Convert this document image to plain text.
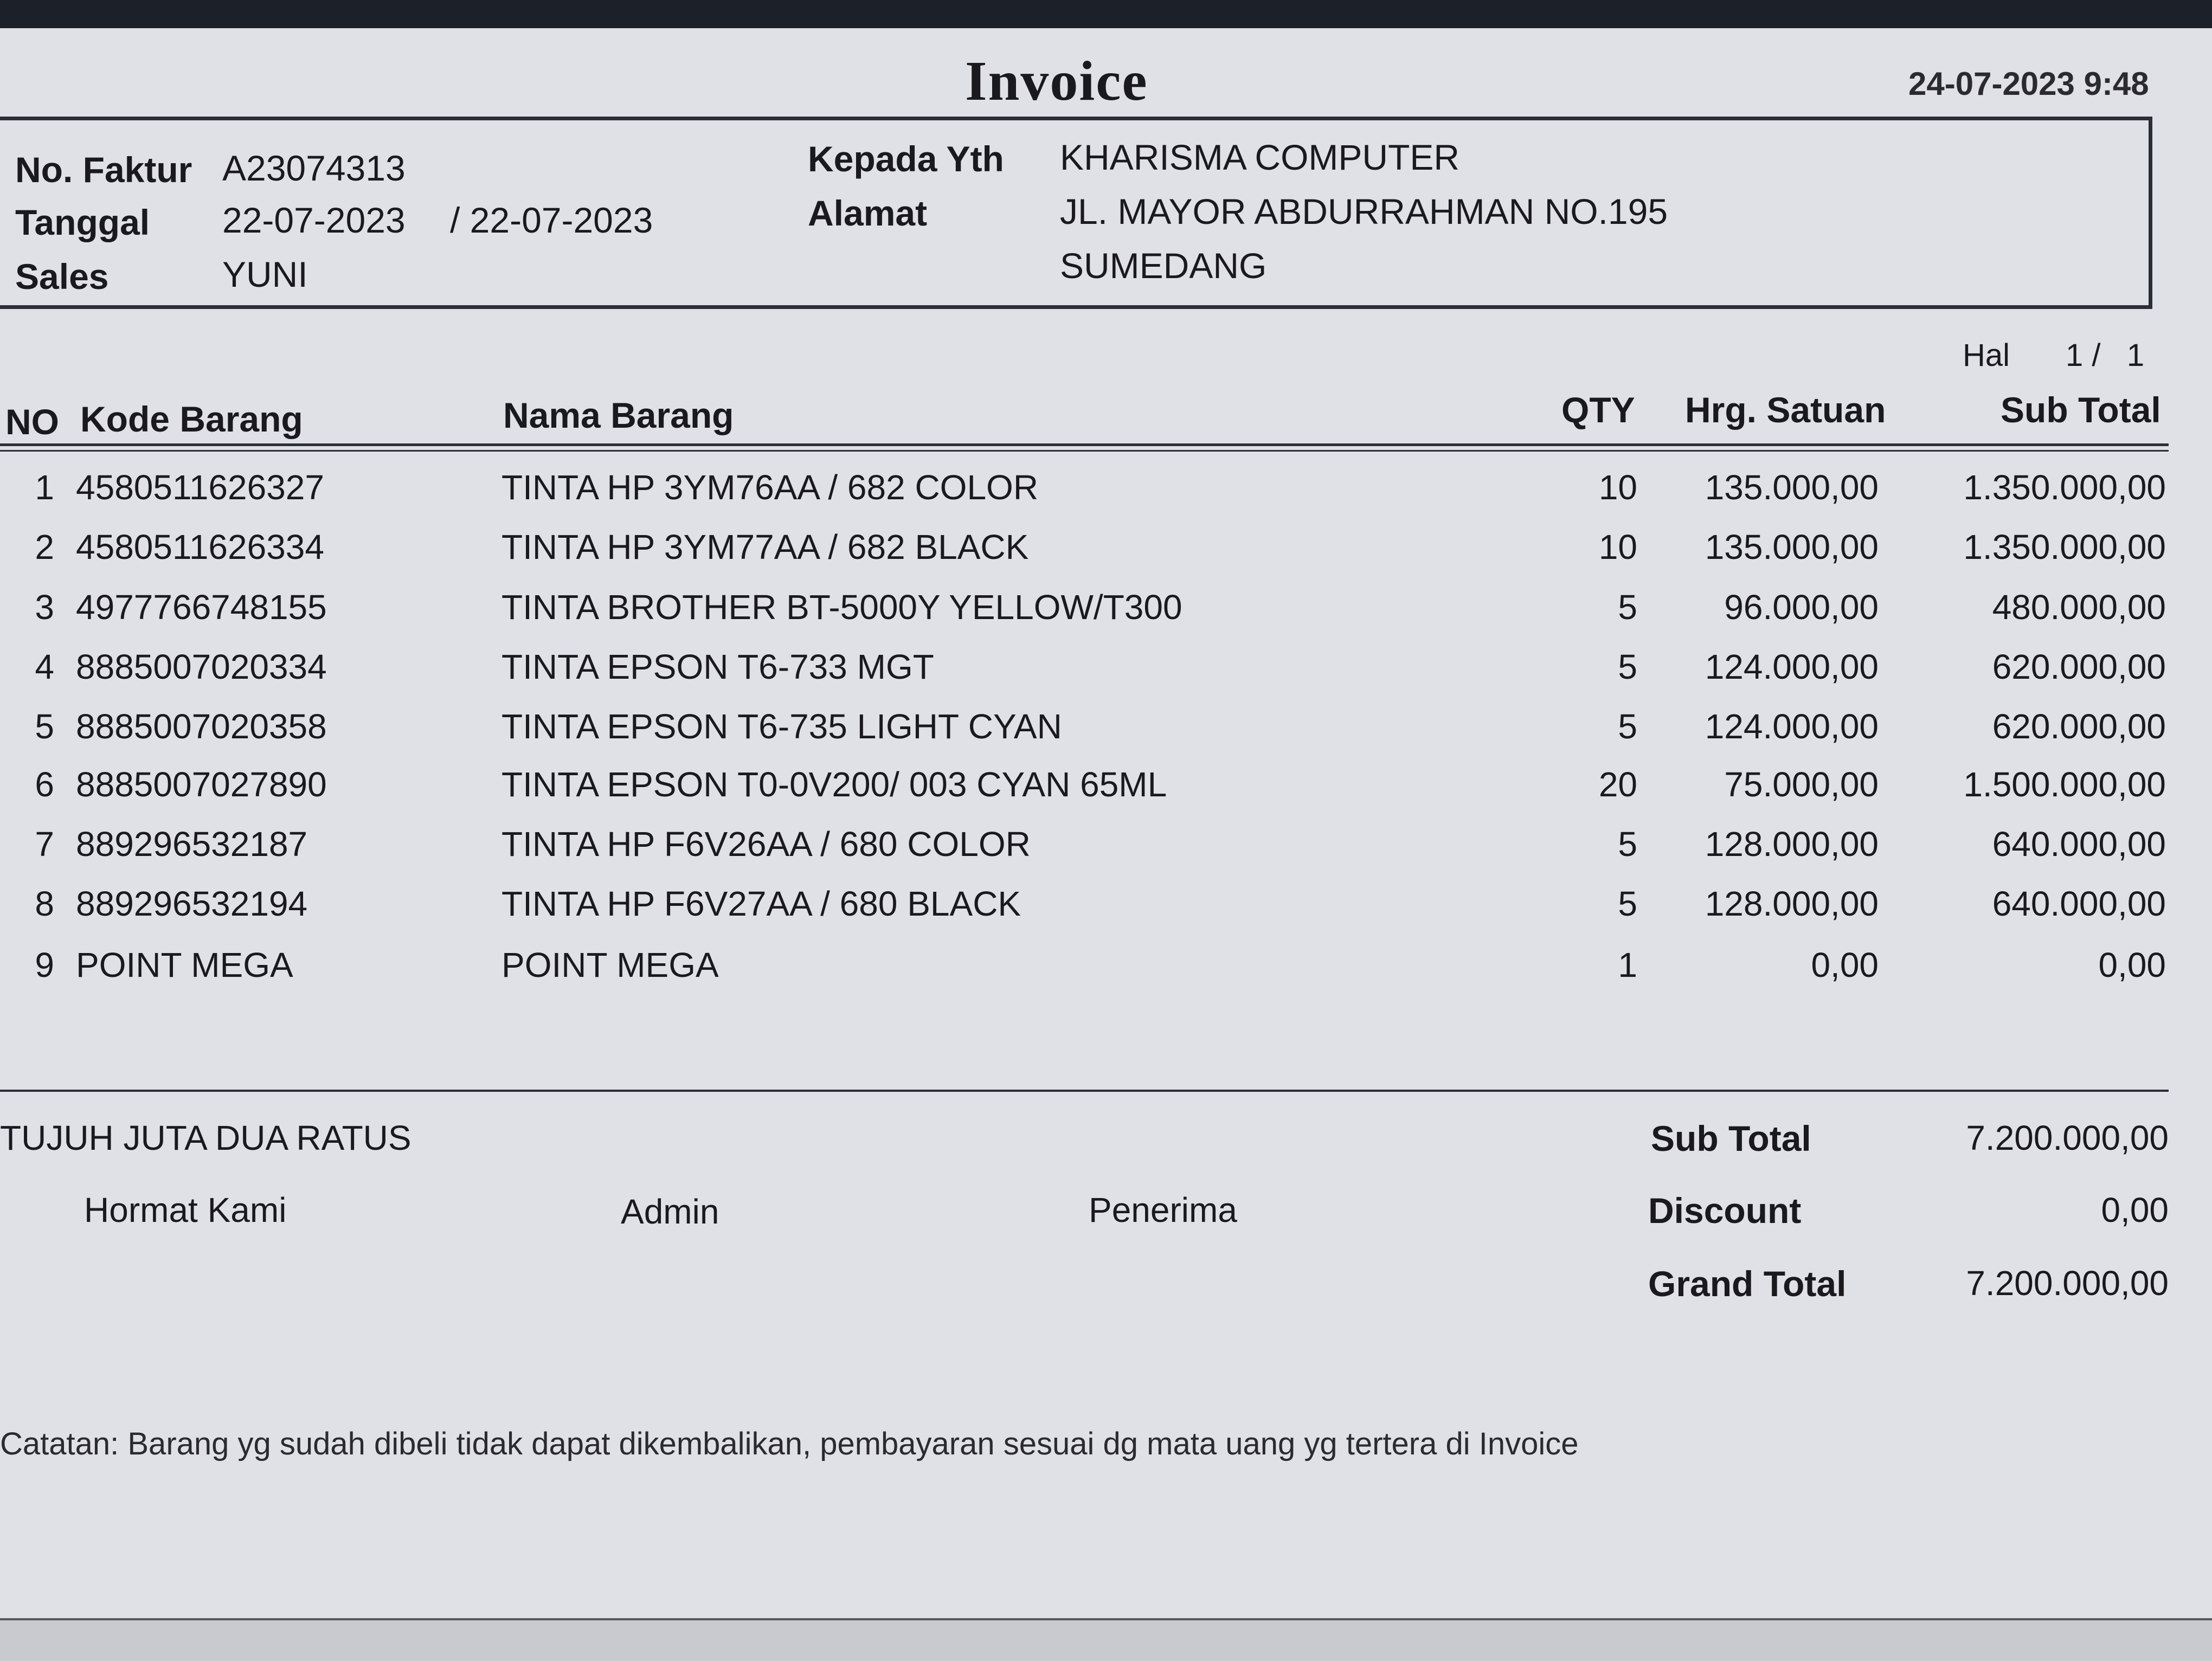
Invoice	24-07-2023 9:48
No. Faktur A23074313
Tanggal 22-07-2023 / 22-07-2023
Sales	YUNI
Kepada Yth KHARISMA COMPUTER
Alamat	JL. MAYOR ABDURRAHMAN NO.195
SUMEDANG
Hal 1 /   1
NO Kode Barang	Nama Barang	QTY Hrg. Satuan	Sub Total
1 4580511626327	TINTA HP 3YM76AA / 682 COLOR	10 135.000,00 1.350.000,00
2 4580511626334	TINTA HP 3YM77AA / 682 BLACK	10 135.000,00 1.350.000,00
3 4977766748155	TINTA BROTHER BT-5000Y YELLOW/T300	5	96.000,00	480.000,00
4 8885007020334	TINTA EPSON T6-733 MGT	5 124.000,00	620.000,00
5 8885007020358	TINTA EPSON T6-735 LIGHT CYAN	5 124.000,00	620.000,00
6 8885007027890	TINTA EPSON T0-0V200/ 003 CYAN 65ML	20	75.000,00 1.500.000,00
7 889296532187	TINTA HP F6V26AA / 680 COLOR	5 128.000,00	640.000,00
8 889296532194	TINTA HP F6V27AA / 680 BLACK	5 128.000,00	640.000,00
9 POINT MEGA	POINT MEGA	1	0,00	0,00
TUJUH JUTA DUA RATUS
Hormat Kami	Admin	Penerima
Sub Total	7.200.000,00
Discount	0,00
Grand Total	7.200.000,00
Catatan: Barang yg sudah dibeli tidak dapat dikembalikan, pembayaran sesuai dg mata uang yg tertera di Invoice
